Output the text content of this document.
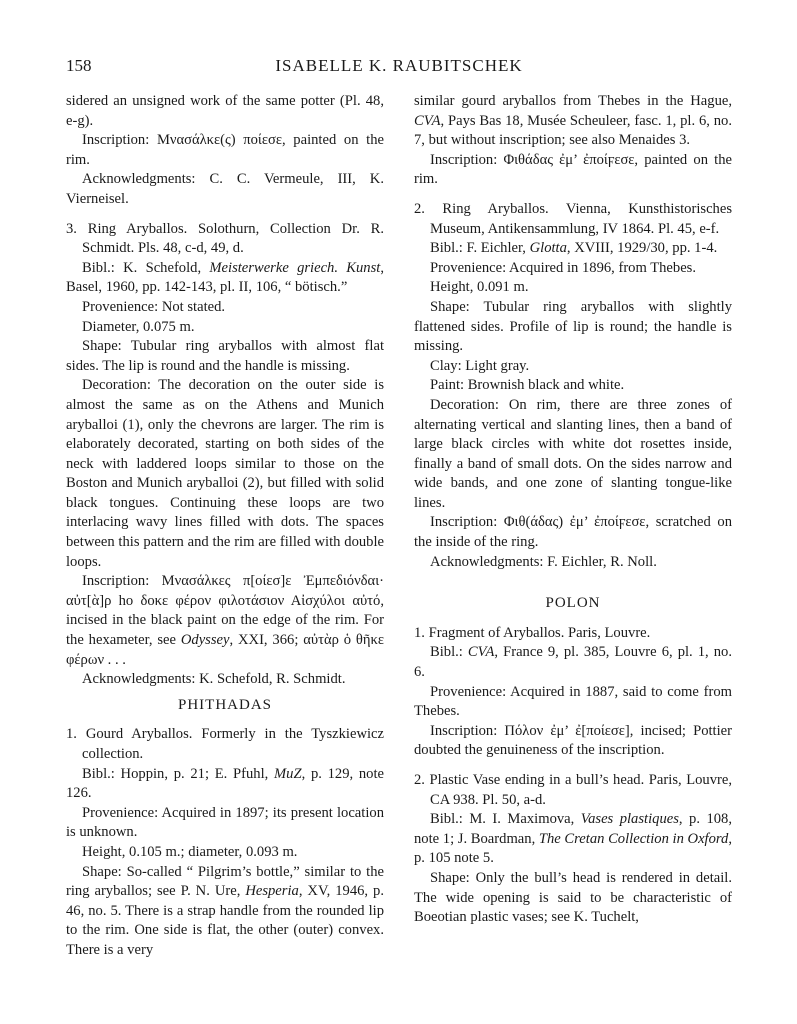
158	ISABELLE K. RAUBITSCHEK

sidered an unsigned work of the same potter (Pl. 48, e-g).

Inscription: Μνασάλκε(ς) ποίεσε, painted on the rim.

Acknowledgments: C. C. Vermeule, III, K. Vierneisel.

3. Ring Aryballos. Solothurn, Collection Dr. R. Schmidt. Pls. 48, c-d, 49, d.

Bibl.: K. Schefold, Meisterwerke griech. Kunst, Basel, 1960, pp. 142-143, pl. II, 106, “ bötisch.”

Provenience: Not stated.

Diameter, 0.075 m.

Shape: Tubular ring aryballos with almost flat sides. The lip is round and the handle is missing.

Decoration: The decoration on the outer side is almost the same as on the Athens and Munich aryballoi (1), only the chevrons are larger. The rim is elaborately decorated, starting on both sides of the neck with laddered loops similar to those on the Boston and Munich aryballoi (2), but filled with solid black tongues. Continuing these loops are two interlacing wavy lines filled with dots. The spaces between this pattern and the rim are filled with double loops.

Inscription: Μνασάλκες π[οίεσ]ε Ἐμπεδιόνδαι· αὐτ[ὰ]ρ hο δοκε φέρον φιλοτάσιον Αἰσχύλοι αὐτό, incised in the black paint on the edge of the rim. For the hexameter, see Odyssey, XXI, 366; αὐτὰρ ὁ θῆκε φέρων . . .

Acknowledgments: K. Schefold, R. Schmidt.

PHITHADAS

1. Gourd Aryballos. Formerly in the Tyszkiewicz collection.

Bibl.: Hoppin, p. 21; E. Pfuhl, MuZ, p. 129, note 126.

Provenience: Acquired in 1897; its present location is unknown.

Height, 0.105 m.; diameter, 0.093 m.

Shape: So-called “ Pilgrim’s bottle,” similar to the ring aryballos; see P. N. Ure, Hesperia, XV, 1946, p. 46, no. 5. There is a strap handle from the rounded lip to the rim. One side is flat, the other (outer) convex. There is a very

similar gourd aryballos from Thebes in the Hague, CVA, Pays Bas 18, Musée Scheuleer, fasc. 1, pl. 6, no. 7, but without inscription; see also Menaides 3.

Inscription: Φιθάδας ἐμ’ ἐποίϝεσε, painted on the rim.

2. Ring Aryballos. Vienna, Kunsthistorisches Museum, Antikensammlung, IV 1864. Pl. 45, e-f.

Bibl.: F. Eichler, Glotta, XVIII, 1929/30, pp. 1-4.

Provenience: Acquired in 1896, from Thebes.

Height, 0.091 m.

Shape: Tubular ring aryballos with slightly flattened sides. Profile of lip is round; the handle is missing.

Clay: Light gray.

Paint: Brownish black and white.

Decoration: On rim, there are three zones of alternating vertical and slanting lines, then a band of large black circles with white dot rosettes inside, finally a band of small dots. On the sides narrow and wide bands, and one zone of slanting tongue-like lines.

Inscription: Φιθ(άδας) ἐμ’ ἐποίϝεσε, scratched on the inside of the ring.

Acknowledgments: F. Eichler, R. Noll.

POLON

1. Fragment of Aryballos. Paris, Louvre.

Bibl.: CVA, France 9, pl. 385, Louvre 6, pl. 1, no. 6.

Provenience: Acquired in 1887, said to come from Thebes.

Inscription: Πόλον ἐμ’ ἐ[ποίεσε], incised; Pottier doubted the genuineness of the inscription.

2. Plastic Vase ending in a bull’s head. Paris, Louvre, CA 938. Pl. 50, a-d.

Bibl.: M. I. Maximova, Vases plastiques, p. 108, note 1; J. Boardman, The Cretan Collection in Oxford, p. 105 note 5.

Shape: Only the bull’s head is rendered in detail. The wide opening is said to be characteristic of Boeotian plastic vases; see K. Tuchelt,
